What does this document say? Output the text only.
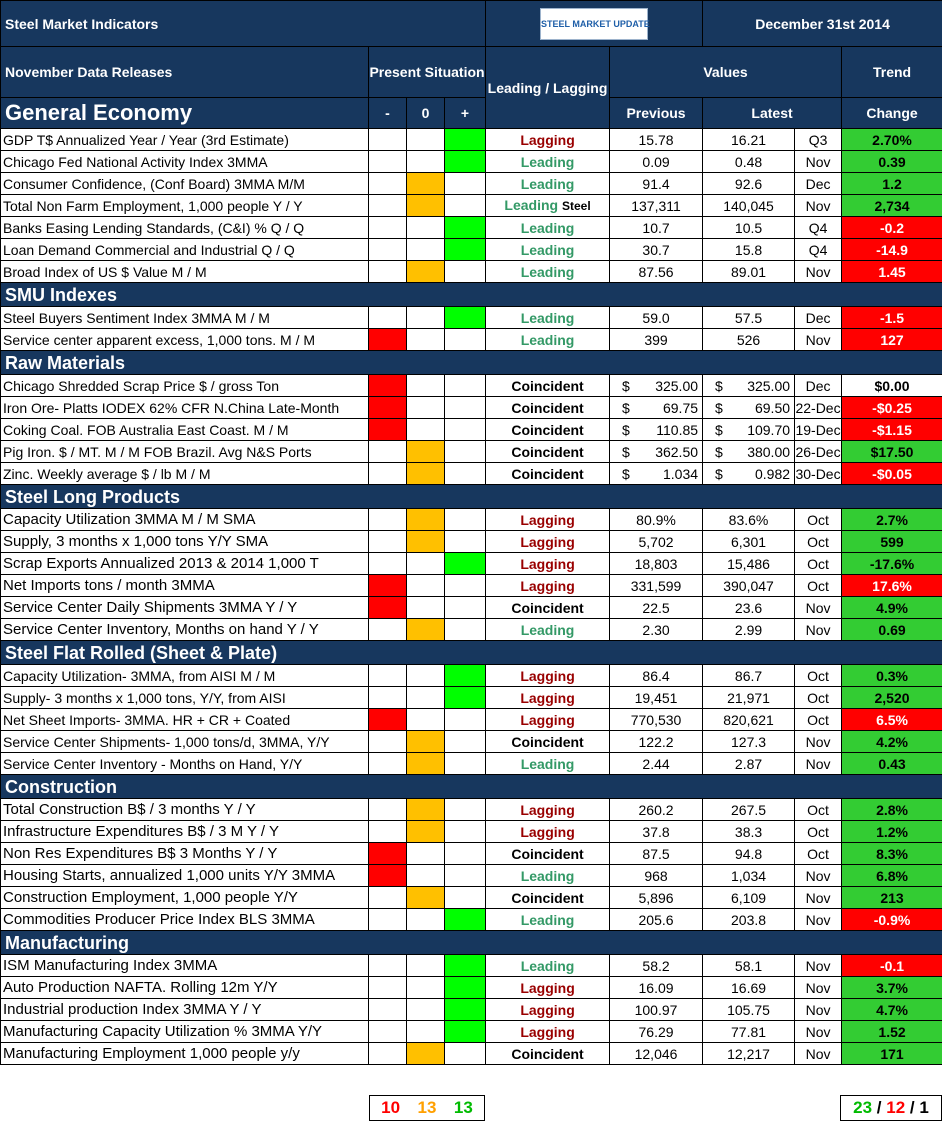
Steel Market Indicators				STEEL MARKET UPDATE		December 31st 2014		
November Data Releases	Present Situation			Leading / Lagging	Values			Trend

General Economy	-	0	+		Previous	Latest		Change
GDP T$ Annualized Year / Year (3rd Estimate)				Lagging	15.78	16.21	Q3	2.70%
Chicago Fed National Activity Index 3MMA				Leading	0.09	0.48	Nov	0.39
Consumer Confidence, (Conf Board) 3MMA M/M				Leading	91.4	92.6	Dec	1.2
Total Non Farm Employment, 1,000 people Y / Y				Leading Steel	137,311	140,045	Nov	2,734
Banks Easing Lending Standards, (C&I) % Q / Q				Leading	10.7	10.5	Q4	-0.2
Loan Demand Commercial and Industrial Q / Q				Leading	30.7	15.8	Q4	-14.9
Broad Index of US $ Value M / M				Leading	87.56	89.01	Nov	1.45
SMU Indexes								
Steel Buyers Sentiment Index 3MMA M / M				Leading	59.0	57.5	Dec	-1.5
Service center apparent excess, 1,000 tons. M / M				Leading	399	526	Nov	127
Raw Materials								
Chicago Shredded Scrap Price $ / gross Ton				Coincident	$ 325.00	$ 325.00	Dec	$0.00
Iron Ore- Platts IODEX 62% CFR N.China Late-Month				Coincident	$ 69.75	$ 69.50	22-Dec	-$0.25
Coking Coal. FOB Australia East Coast. M / M				Coincident	$ 110.85	$ 109.70	19-Dec	-$1.15
Pig Iron. $ / MT. M / M FOB Brazil. Avg N&S Ports				Coincident	$ 362.50	$ 380.00	26-Dec	$17.50
Zinc. Weekly average $ / lb M / M				Coincident	$ 1.034	$ 0.982	30-Dec	-$0.05
Steel Long Products								
Capacity Utilization 3MMA M / M SMA				Lagging	80.9%	83.6%	Oct	2.7%
Supply, 3 months x 1,000 tons Y/Y SMA				Lagging	5,702	6,301	Oct	599
Scrap Exports Annualized 2013 & 2014 1,000 T				Lagging	18,803	15,486	Oct	-17.6%
Net Imports tons / month 3MMA				Lagging	331,599	390,047	Oct	17.6%
Service Center Daily Shipments 3MMA Y / Y				Coincident	22.5	23.6	Nov	4.9%
Service Center Inventory, Months on hand Y / Y				Leading	2.30	2.99	Nov	0.69
Steel Flat Rolled (Sheet & Plate)								
Capacity Utilization- 3MMA, from AISI M / M				Lagging	86.4	86.7	Oct	0.3%
Supply- 3 months x 1,000 tons, Y/Y, from AISI				Lagging	19,451	21,971	Oct	2,520
Net Sheet Imports- 3MMA. HR + CR + Coated				Lagging	770,530	820,621	Oct	6.5%
Service Center Shipments- 1,000 tons/d, 3MMA, Y/Y				Coincident	122.2	127.3	Nov	4.2%
Service Center Inventory - Months on Hand, Y/Y				Leading	2.44	2.87	Nov	0.43
Construction								
Total Construction B$ / 3 months Y / Y				Lagging	260.2	267.5	Oct	2.8%
Infrastructure Expenditures B$ / 3 M Y / Y				Lagging	37.8	38.3	Oct	1.2%
Non Res Expenditures B$ 3 Months Y / Y				Coincident	87.5	94.8	Oct	8.3%
Housing Starts, annualized 1,000 units Y/Y 3MMA				Leading	968	1,034	Nov	6.8%
Construction Employment, 1,000 people Y/Y				Coincident	5,896	6,109	Nov	213
Commodities Producer Price Index BLS 3MMA				Leading	205.6	203.8	Nov	-0.9%
Manufacturing								
ISM Manufacturing Index 3MMA				Leading	58.2	58.1	Nov	-0.1
Auto Production NAFTA. Rolling 12m Y/Y				Lagging	16.09	16.69	Nov	3.7%
Industrial production Index 3MMA Y / Y				Lagging	100.97	105.75	Nov	4.7%
Manufacturing Capacity Utilization % 3MMA Y/Y				Lagging	76.29	77.81	Nov	1.52
Manufacturing Employment 1,000 people y/y				Coincident	12,046	12,217	Nov	171
10 13 13	23 / 12 / 1
